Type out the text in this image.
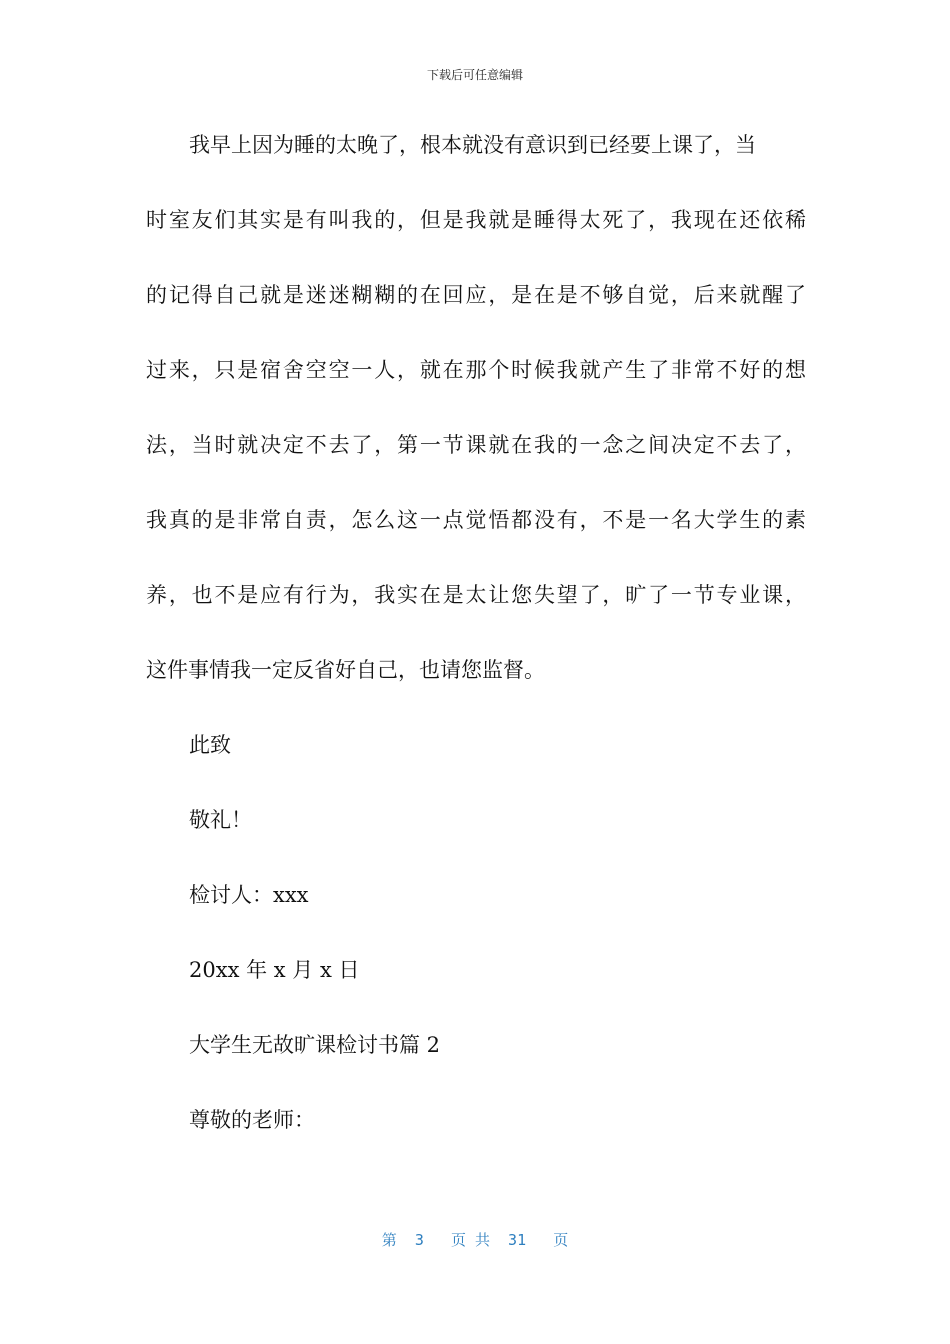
下载后可任意编辑
我早上因为睡的太晚了，根本就没有意识到已经要上课了，当
时室友们其实是有叫我的，但是我就是睡得太死了，我现在还依稀
的记得自己就是迷迷糊糊的在回应，是在是不够自觉，后来就醒了
过来，只是宿舍空空一人，就在那个时候我就产生了非常不好的想
法，当时就决定不去了，第一节课就在我的一念之间决定不去了，
我真的是非常自责，怎么这一点觉悟都没有，不是一名大学生的素
养，也不是应有行为，我实在是太让您失望了，旷了一节专业课，
这件事情我一定反省好自己，也请您监督。
此致
敬礼！
检讨人：xxx
20xx 年 x 月 x 日
大学生无故旷课检讨书篇 2
尊敬的老师：
第  3   页 共  31   页
